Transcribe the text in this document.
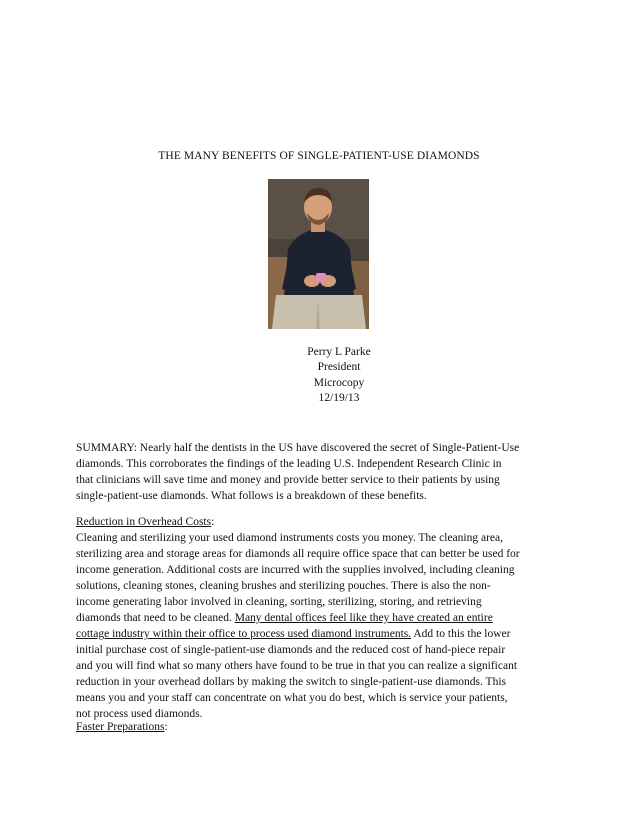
THE MANY BENEFITS OF SINGLE-PATIENT-USE DIAMONDS
Perry L Parke
President
Microcopy
12/19/13
SUMMARY: Nearly half the dentists in the US have discovered the secret of Single-Patient-Use
diamonds. This corroborates the findings of the leading U.S. Independent Research Clinic in
that clinicians will save time and money and provide better service to their patients by using
single-patient-use diamonds. What follows is a breakdown of these benefits.
Reduction in Overhead Costs:
Cleaning and sterilizing your used diamond instruments costs you money. The cleaning area,
sterilizing area and storage areas for diamonds all require office space that can better be used for
income generation. Additional costs are incurred with the supplies involved, including cleaning
solutions, cleaning stones, cleaning brushes and sterilizing pouches. There is also the non-
income generating labor involved in cleaning, sorting, sterilizing, storing, and retrieving
diamonds that need to be cleaned. Many dental offices feel like they have created an entire
cottage industry within their office to process used diamond instruments. Add to this the lower
initial purchase cost of single-patient-use diamonds and the reduced cost of hand-piece repair
and you will find what so many others have found to be true in that you can realize a significant
reduction in your overhead dollars by making the switch to single-patient-use diamonds. This
means you and your staff can concentrate on what you do best, which is service your patients,
not process used diamonds.
Faster Preparations:
